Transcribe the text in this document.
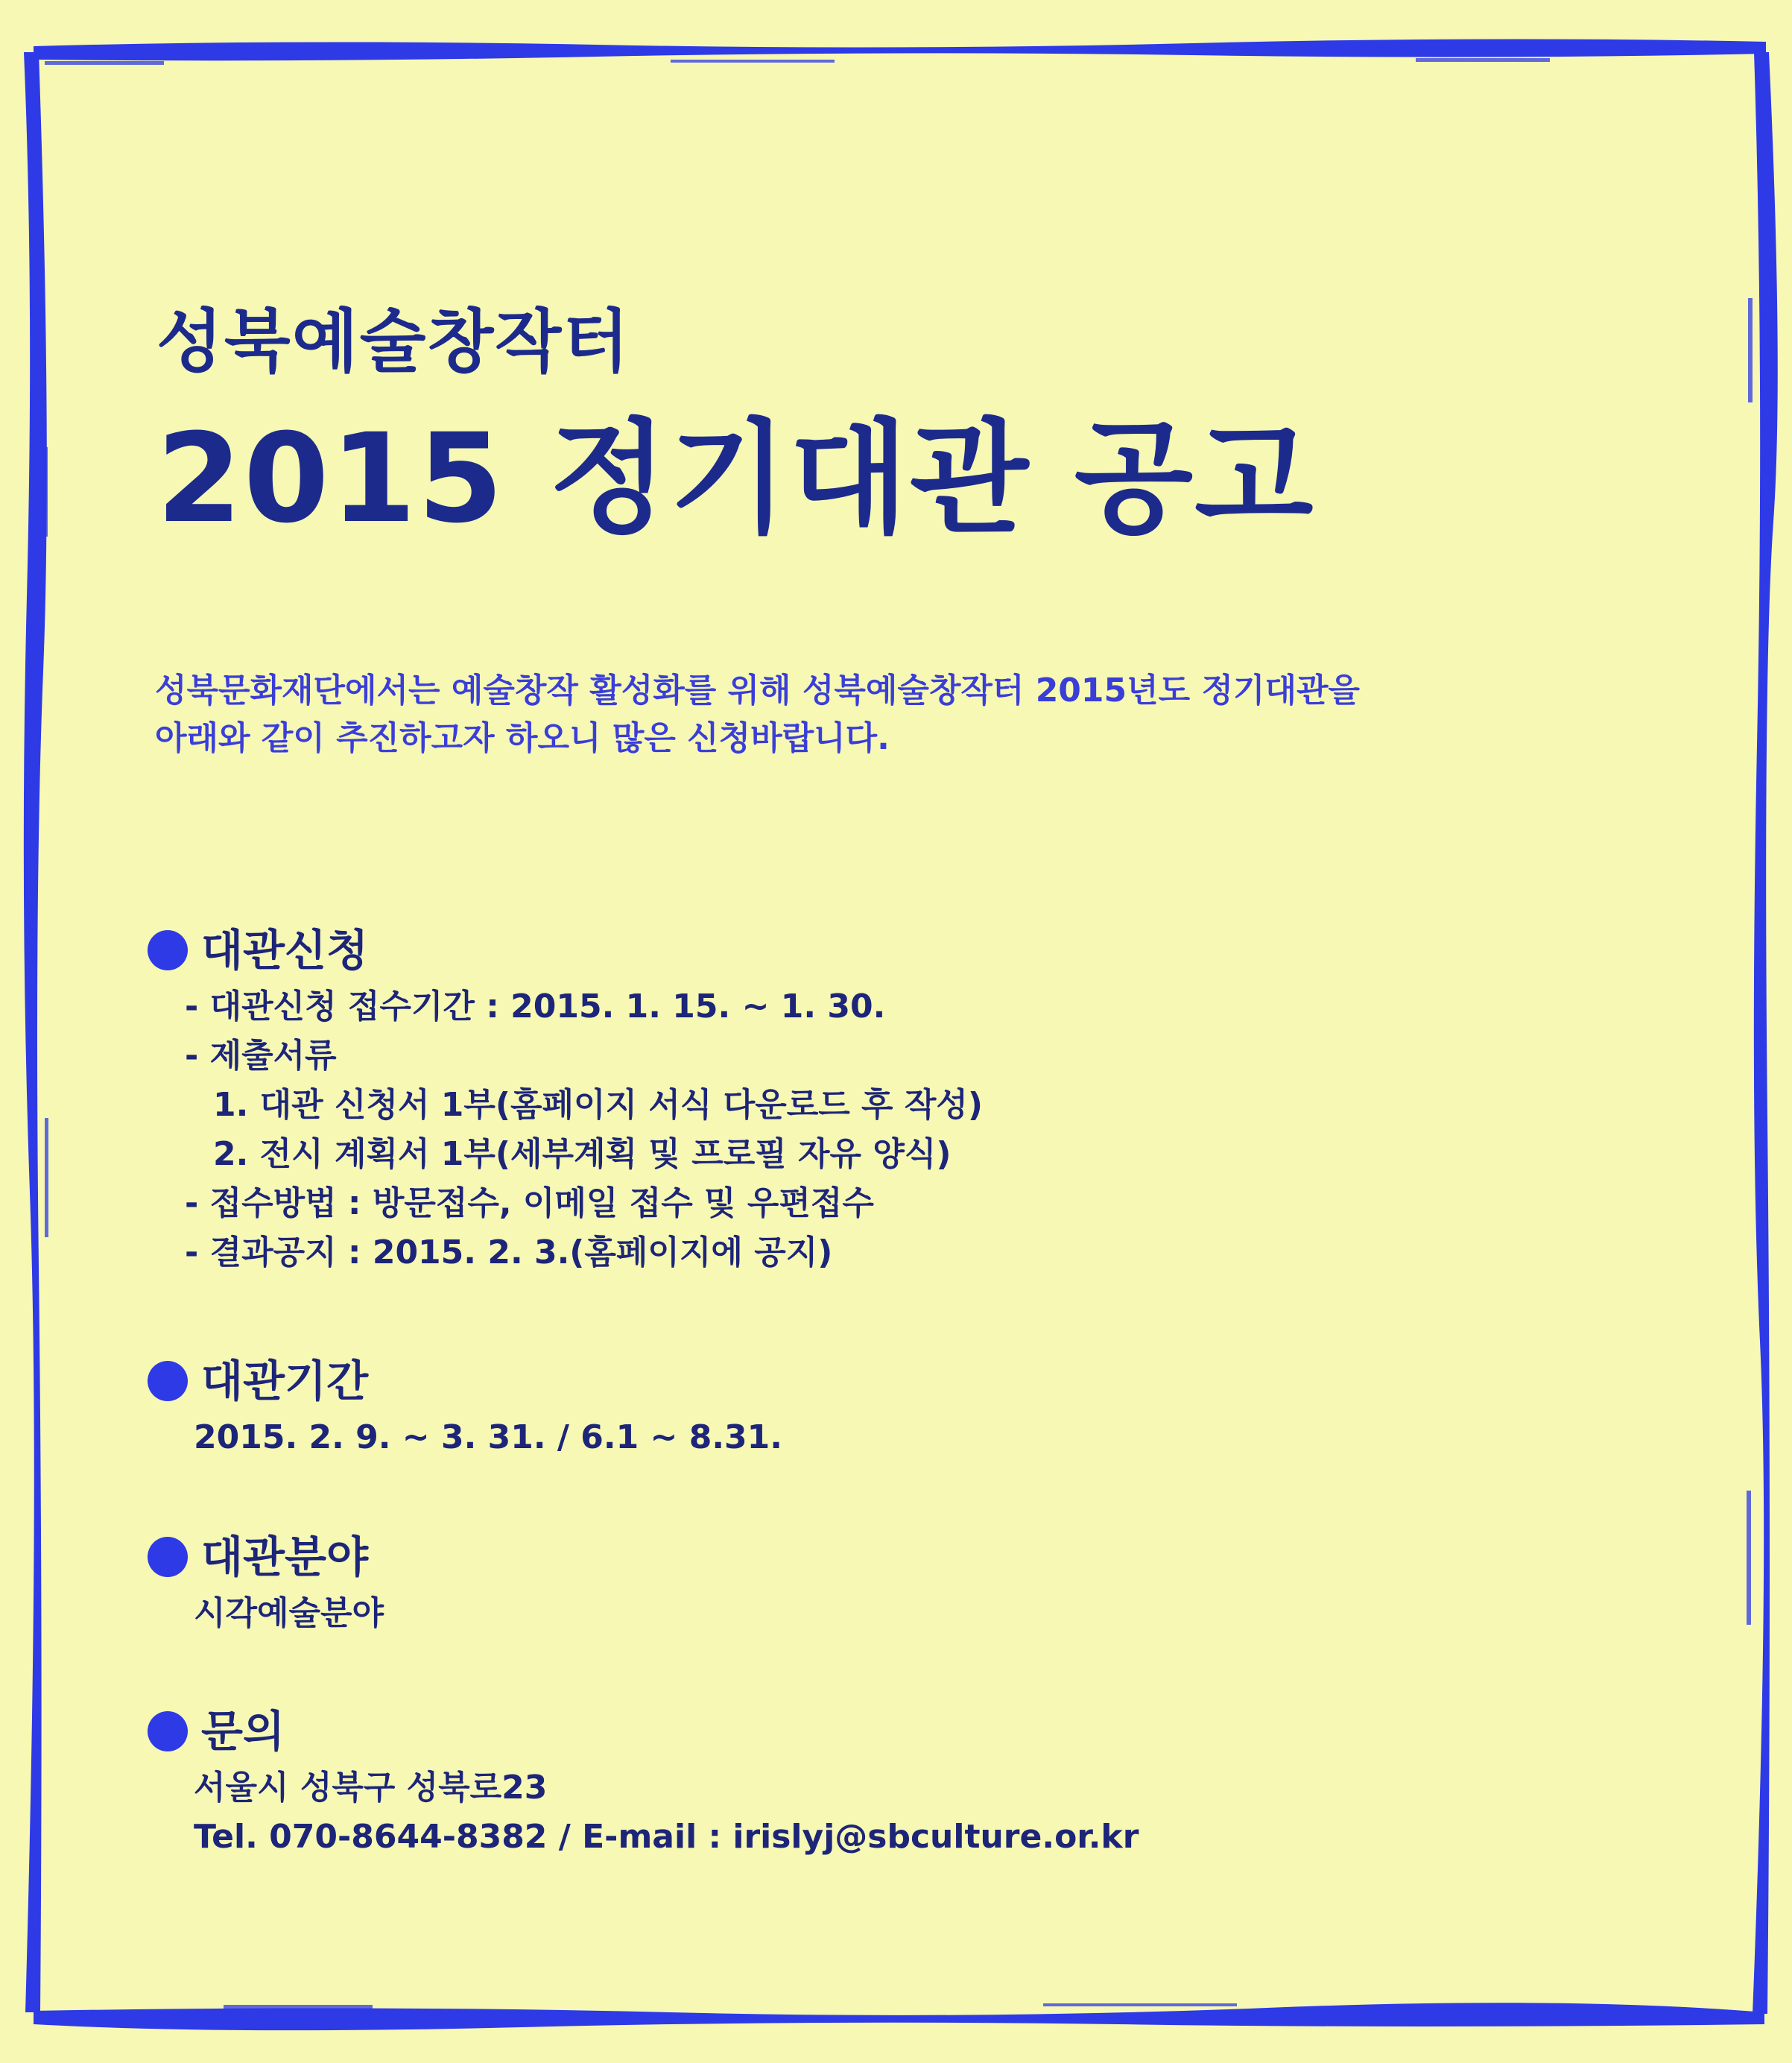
성북예술창작터
2015 정기대관 공고
성북문화재단에서는 예술창작 활성화를 위해 성북예술창작터 2015년도 정기대관을
아래와 같이 추진하고자 하오니 많은 신청바랍니다.
대관신청
- 대관신청 접수기간 : 2015. 1. 15. ~ 1. 30.
- 제출서류
1. 대관 신청서 1부(홈페이지 서식 다운로드 후 작성)
2. 전시 계획서 1부(세부계획 및 프로필 자유 양식)
- 접수방법 : 방문접수, 이메일 접수 및 우편접수
- 결과공지 : 2015. 2. 3.(홈페이지에 공지)
대관기간
2015. 2. 9. ~ 3. 31. / 6.1 ~ 8.31.
대관분야
시각예술분야
문의
서울시 성북구 성북로23
Tel. 070-8644-8382 / E-mail : irislyj@sbculture.or.kr
